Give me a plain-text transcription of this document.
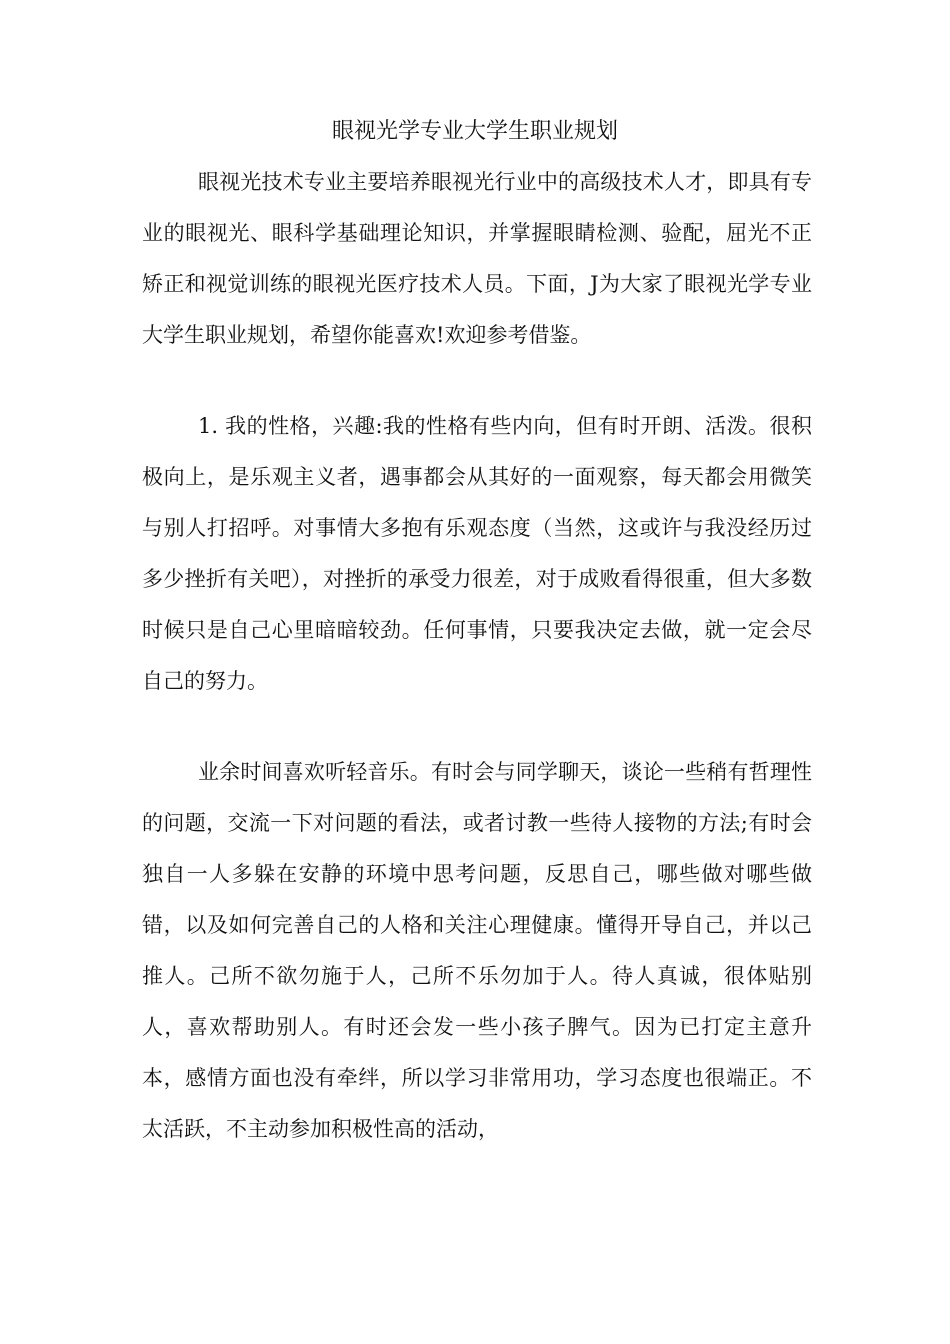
眼视光学专业大学生职业规划

眼视光技术专业主要培养眼视光行业中的高级技术人才，即具有专业的眼视光、眼科学基础理论知识，并掌握眼睛检测、验配，屈光不正矫正和视觉训练的眼视光医疗技术人员。下面，J为大家了眼视光学专业大学生职业规划，希望你能喜欢!欢迎参考借鉴。

1. 我的性格，兴趣:我的性格有些内向，但有时开朗、活泼。很积极向上，是乐观主义者，遇事都会从其好的一面观察，每天都会用微笑与别人打招呼。对事情大多抱有乐观态度（当然，这或许与我没经历过多少挫折有关吧），对挫折的承受力很差，对于成败看得很重，但大多数时候只是自己心里暗暗较劲。任何事情，只要我决定去做，就一定会尽自己的努力。

业余时间喜欢听轻音乐。有时会与同学聊天，谈论一些稍有哲理性的问题，交流一下对问题的看法，或者讨教一些待人接物的方法;有时会独自一人多躲在安静的环境中思考问题，反思自己，哪些做对哪些做错，以及如何完善自己的人格和关注心理健康。懂得开导自己，并以己推人。己所不欲勿施于人，己所不乐勿加于人。待人真诚，很体贴别人，喜欢帮助别人。有时还会发一些小孩子脾气。因为已打定主意升本，感情方面也没有牵绊，所以学习非常用功，学习态度也很端正。不太活跃，不主动参加积极性高的活动，
